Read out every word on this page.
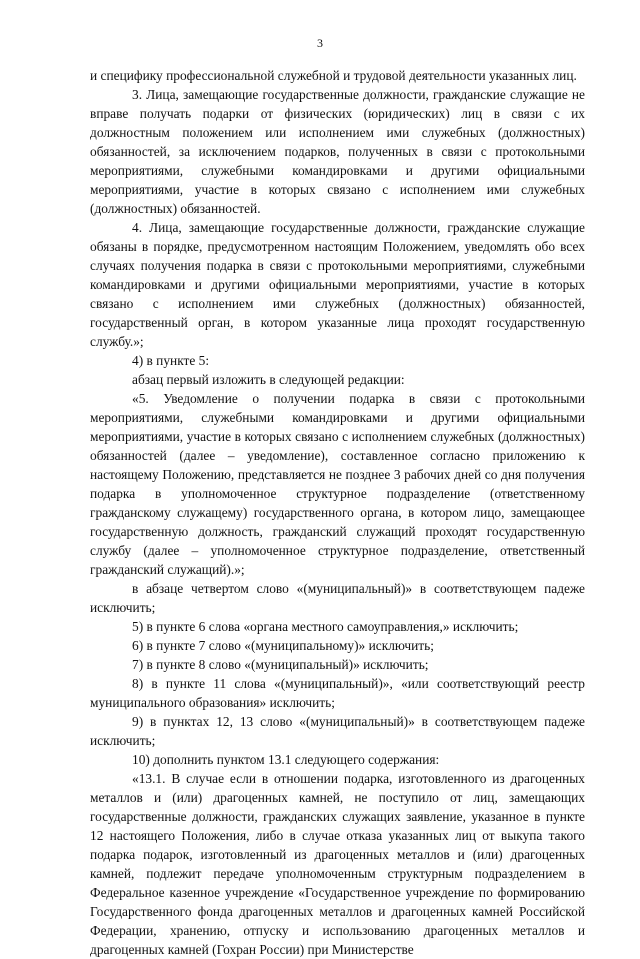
3

и специфику профессиональной служебной и трудовой деятельности указанных лиц.

3. Лица, замещающие государственные должности, гражданские служащие не вправе получать подарки от физических (юридических) лиц в связи с их должностным положением или исполнением ими служебных (должностных) обязанностей, за исключением подарков, полученных в связи с протокольными мероприятиями, служебными командировками и другими официальными мероприятиями, участие в которых связано с исполнением ими служебных (должностных) обязанностей.

4. Лица, замещающие государственные должности, гражданские служащие обязаны в порядке, предусмотренном настоящим Положением, уведомлять обо всех случаях получения подарка в связи с протокольными мероприятиями, служебными командировками и другими официальными мероприятиями, участие в которых связано с исполнением ими служебных (должностных) обязанностей, государственный орган, в котором указанные лица проходят государственную службу.»;

4) в пункте 5:

абзац первый изложить в следующей редакции:

«5. Уведомление о получении подарка в связи с протокольными мероприятиями, служебными командировками и другими официальными мероприятиями, участие в которых связано с исполнением служебных (должностных) обязанностей (далее – уведомление), составленное согласно приложению к настоящему Положению, представляется не позднее 3 рабочих дней со дня получения подарка в уполномоченное структурное подразделение (ответственному гражданскому служащему) государственного органа, в котором лицо, замещающее государственную должность, гражданский служащий проходят государственную службу (далее – уполномоченное структурное подразделение, ответственный гражданский служащий).»;

в абзаце четвертом слово «(муниципальный)» в соответствующем падеже исключить;

5) в пункте 6 слова «органа местного самоуправления,» исключить;

6) в пункте 7 слово «(муниципальному)» исключить;

7) в пункте 8 слово «(муниципальный)» исключить;

8) в пункте 11 слова «(муниципальный)», «или соответствующий реестр муниципального образования» исключить;

9) в пунктах 12, 13 слово «(муниципальный)» в соответствующем падеже исключить;

10) дополнить пунктом 13.1 следующего содержания:

«13.1. В случае если в отношении подарка, изготовленного из драгоценных металлов и (или) драгоценных камней, не поступило от лиц, замещающих государственные должности, гражданских служащих заявление, указанное в пункте 12 настоящего Положения, либо в случае отказа указанных лиц от выкупа такого подарка подарок, изготовленный из драгоценных металлов и (или) драгоценных камней, подлежит передаче уполномоченным структурным подразделением в Федеральное казенное учреждение «Государственное учреждение по формированию Государственного фонда драгоценных металлов и драгоценных камней Российской Федерации, хранению, отпуску и использованию драгоценных металлов и драгоценных камней (Гохран России) при Министерстве
